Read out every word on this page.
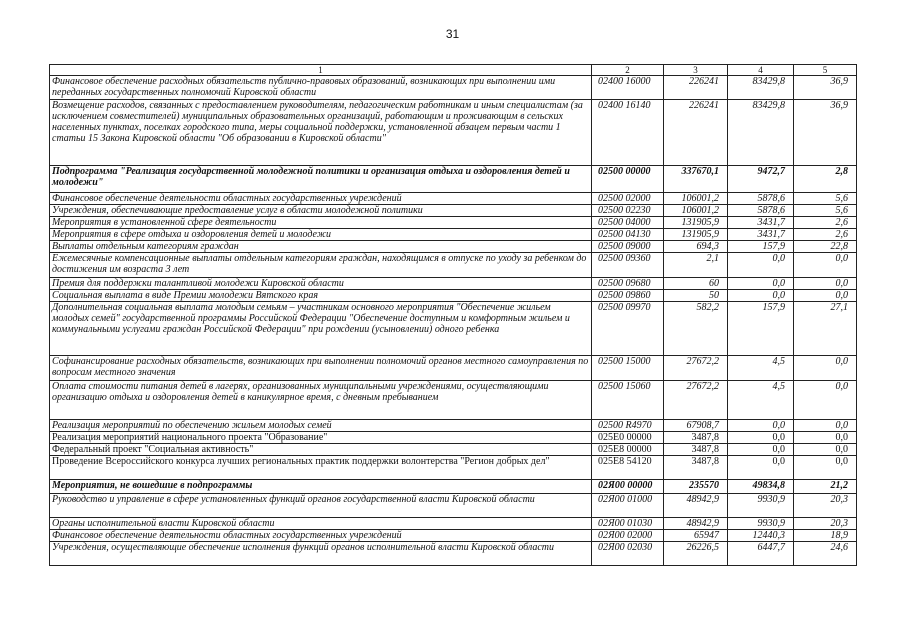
31
1	2	3	4	5
Финансовое обеспечение расходных обязательств публично-правовых образований, возникающих при выполнении ими переданных государственных полномочий Кировской области	02400 16000	226241	83429,8	36,9
Возмещение расходов, связанных с предоставлением руководителям, педагогическим работникам и иным специалистам (за исключением совместителей) муниципальных образовательных организаций, работающим и проживающим в сельских населенных пунктах, поселках городского типа, меры социальной поддержки, установленной абзацем первым части 1 статьи 15 Закона Кировской области "Об образовании в Кировской области"	02400 16140	226241	83429,8	36,9
Подпрограмма "Реализация государственной молодежной политики и организация отдыха и оздоровления детей и молодежи"	02500 00000	337670,1	9472,7	2,8
Финансовое обеспечение деятельности областных государственных учреждений	02500 02000	106001,2	5878,6	5,6
Учреждения, обеспечивающие предоставление услуг в области молодежной политики	02500 02230	106001,2	5878,6	5,6
Мероприятия в установленной сфере деятельности	02500 04000	131905,9	3431,7	2,6
Мероприятия в сфере отдыха и оздоровления детей и молодежи	02500 04130	131905,9	3431,7	2,6
Выплаты отдельным категориям граждан	02500 09000	694,3	157,9	22,8
Ежемесячные компенсационные выплаты отдельным категориям граждан, находящимся в отпуске по уходу за ребенком до достижения им возраста 3 лет	02500 09360	2,1	0,0	0,0
Премия для поддержки талантливой молодежи Кировской области	02500 09680	60	0,0	0,0
Социальная выплата в виде Премии молодежи Вятского края	02500 09860	50	0,0	0,0
Дополнительная социальная выплата молодым семьям – участникам основного мероприятия "Обеспечение жильем молодых семей" государственной программы Российской Федерации "Обеспечение доступным и комфортным жильем и коммунальными услугами граждан Российской Федерации" при рождении (усыновлении) одного ребенка	02500 09970	582,2	157,9	27,1
Софинансирование расходных обязательств, возникающих при выполнении полномочий органов местного самоуправления по вопросам местного значения	02500 15000	27672,2	4,5	0,0
Оплата стоимости питания детей в лагерях, организованных муниципальными учреждениями, осуществляющими организацию отдыха и оздоровления детей в каникулярное время, с дневным пребыванием	02500 15060	27672,2	4,5	0,0
Реализация мероприятий по обеспечению жильем молодых семей	02500 R4970	67908,7	0,0	0,0
Реализация мероприятий национального проекта "Образование"	025E0 00000	3487,8	0,0	0,0
Федеральный проект "Социальная активность"	025E8 00000	3487,8	0,0	0,0
Проведение Всероссийского конкурса лучших региональных практик поддержки волонтерства "Регион добрых дел"	025E8 54120	3487,8	0,0	0,0
Мероприятия, не вошедшие в подпрограммы	02Я00 00000	235570	49834,8	21,2
Руководство и управление в сфере установленных функций органов государственной власти Кировской области	02Я00 01000	48942,9	9930,9	20,3
Органы исполнительной власти Кировской области	02Я00 01030	48942,9	9930,9	20,3
Финансовое обеспечение деятельности областных государственных учреждений	02Я00 02000	65947	12440,3	18,9
Учреждения, осуществляющие обеспечение исполнения функций органов исполнительной власти Кировской области	02Я00 02030	26226,5	6447,7	24,6
